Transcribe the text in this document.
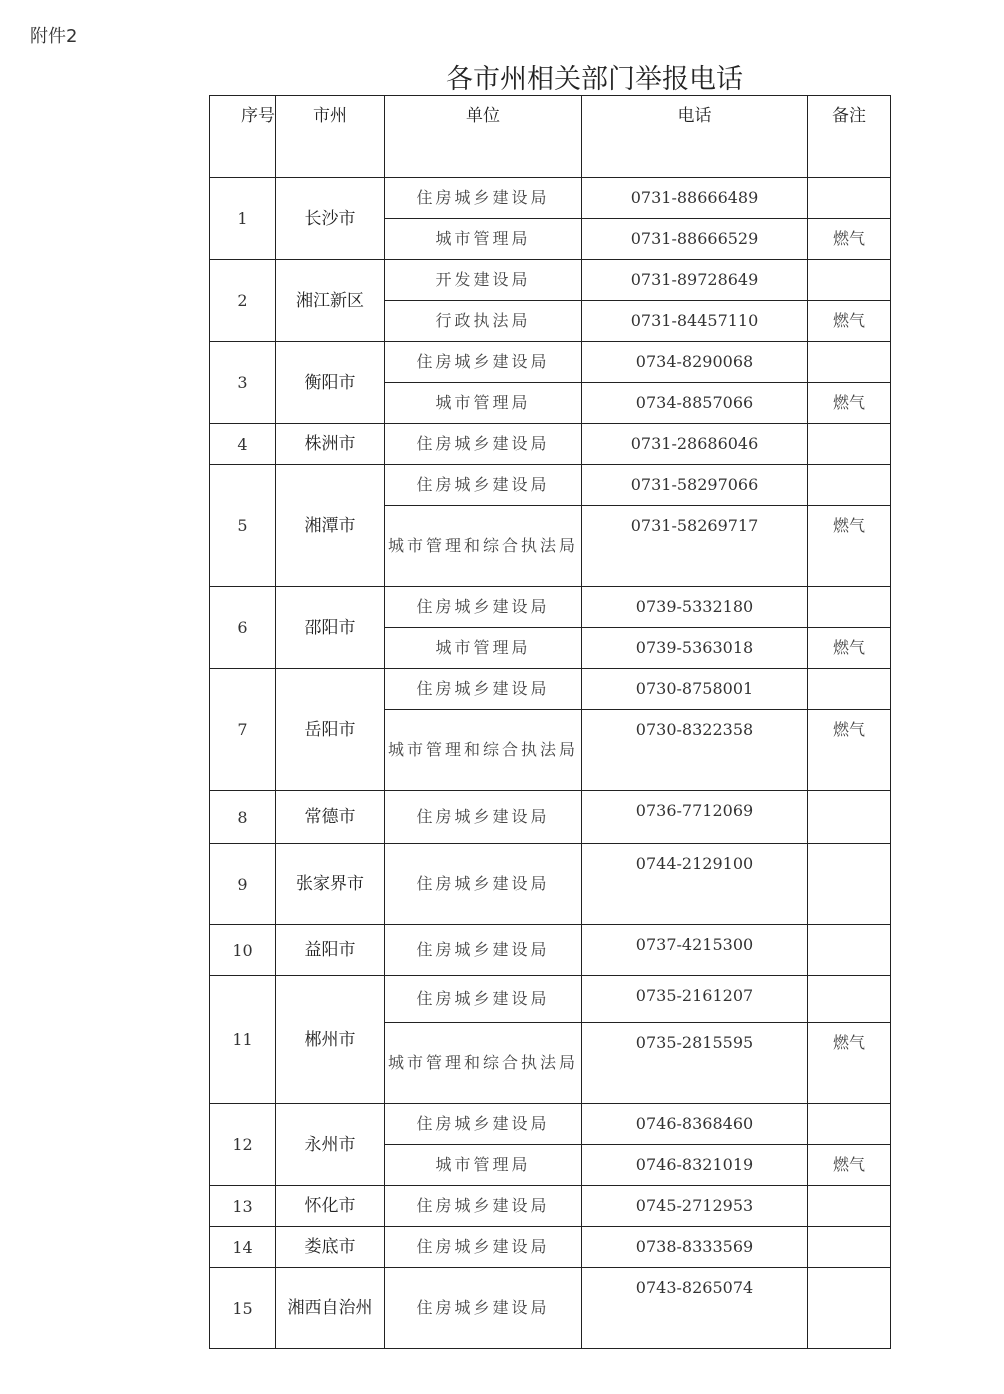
附件2
各市州相关部门举报电话
序号	市州	单位	电话	备注
1	长沙市	住房城乡建设局	0731-88666489	
		城市管理局	0731-88666529	燃气
2	湘江新区	开发建设局	0731-89728649	
		行政执法局	0731-84457110	燃气
3	衡阳市	住房城乡建设局	0734-8290068	
		城市管理局	0734-8857066	燃气
4	株洲市	住房城乡建设局	0731-28686046	
5	湘潭市	住房城乡建设局	0731-58297066	
		城市管理和综合执法局	0731-58269717	燃气
6	邵阳市	住房城乡建设局	0739-5332180	
		城市管理局	0739-5363018	燃气
7	岳阳市	住房城乡建设局	0730-8758001	
		城市管理和综合执法局	0730-8322358	燃气
8	常德市	住房城乡建设局	0736-7712069	
9	张家界市	住房城乡建设局	0744-2129100	
10	益阳市	住房城乡建设局	0737-4215300	
11	郴州市	住房城乡建设局	0735-2161207	
		城市管理和综合执法局	0735-2815595	燃气
12	永州市	住房城乡建设局	0746-8368460	
		城市管理局	0746-8321019	燃气
13	怀化市	住房城乡建设局	0745-2712953	
14	娄底市	住房城乡建设局	0738-8333569	
15	湘西自治州	住房城乡建设局	0743-8265074	
